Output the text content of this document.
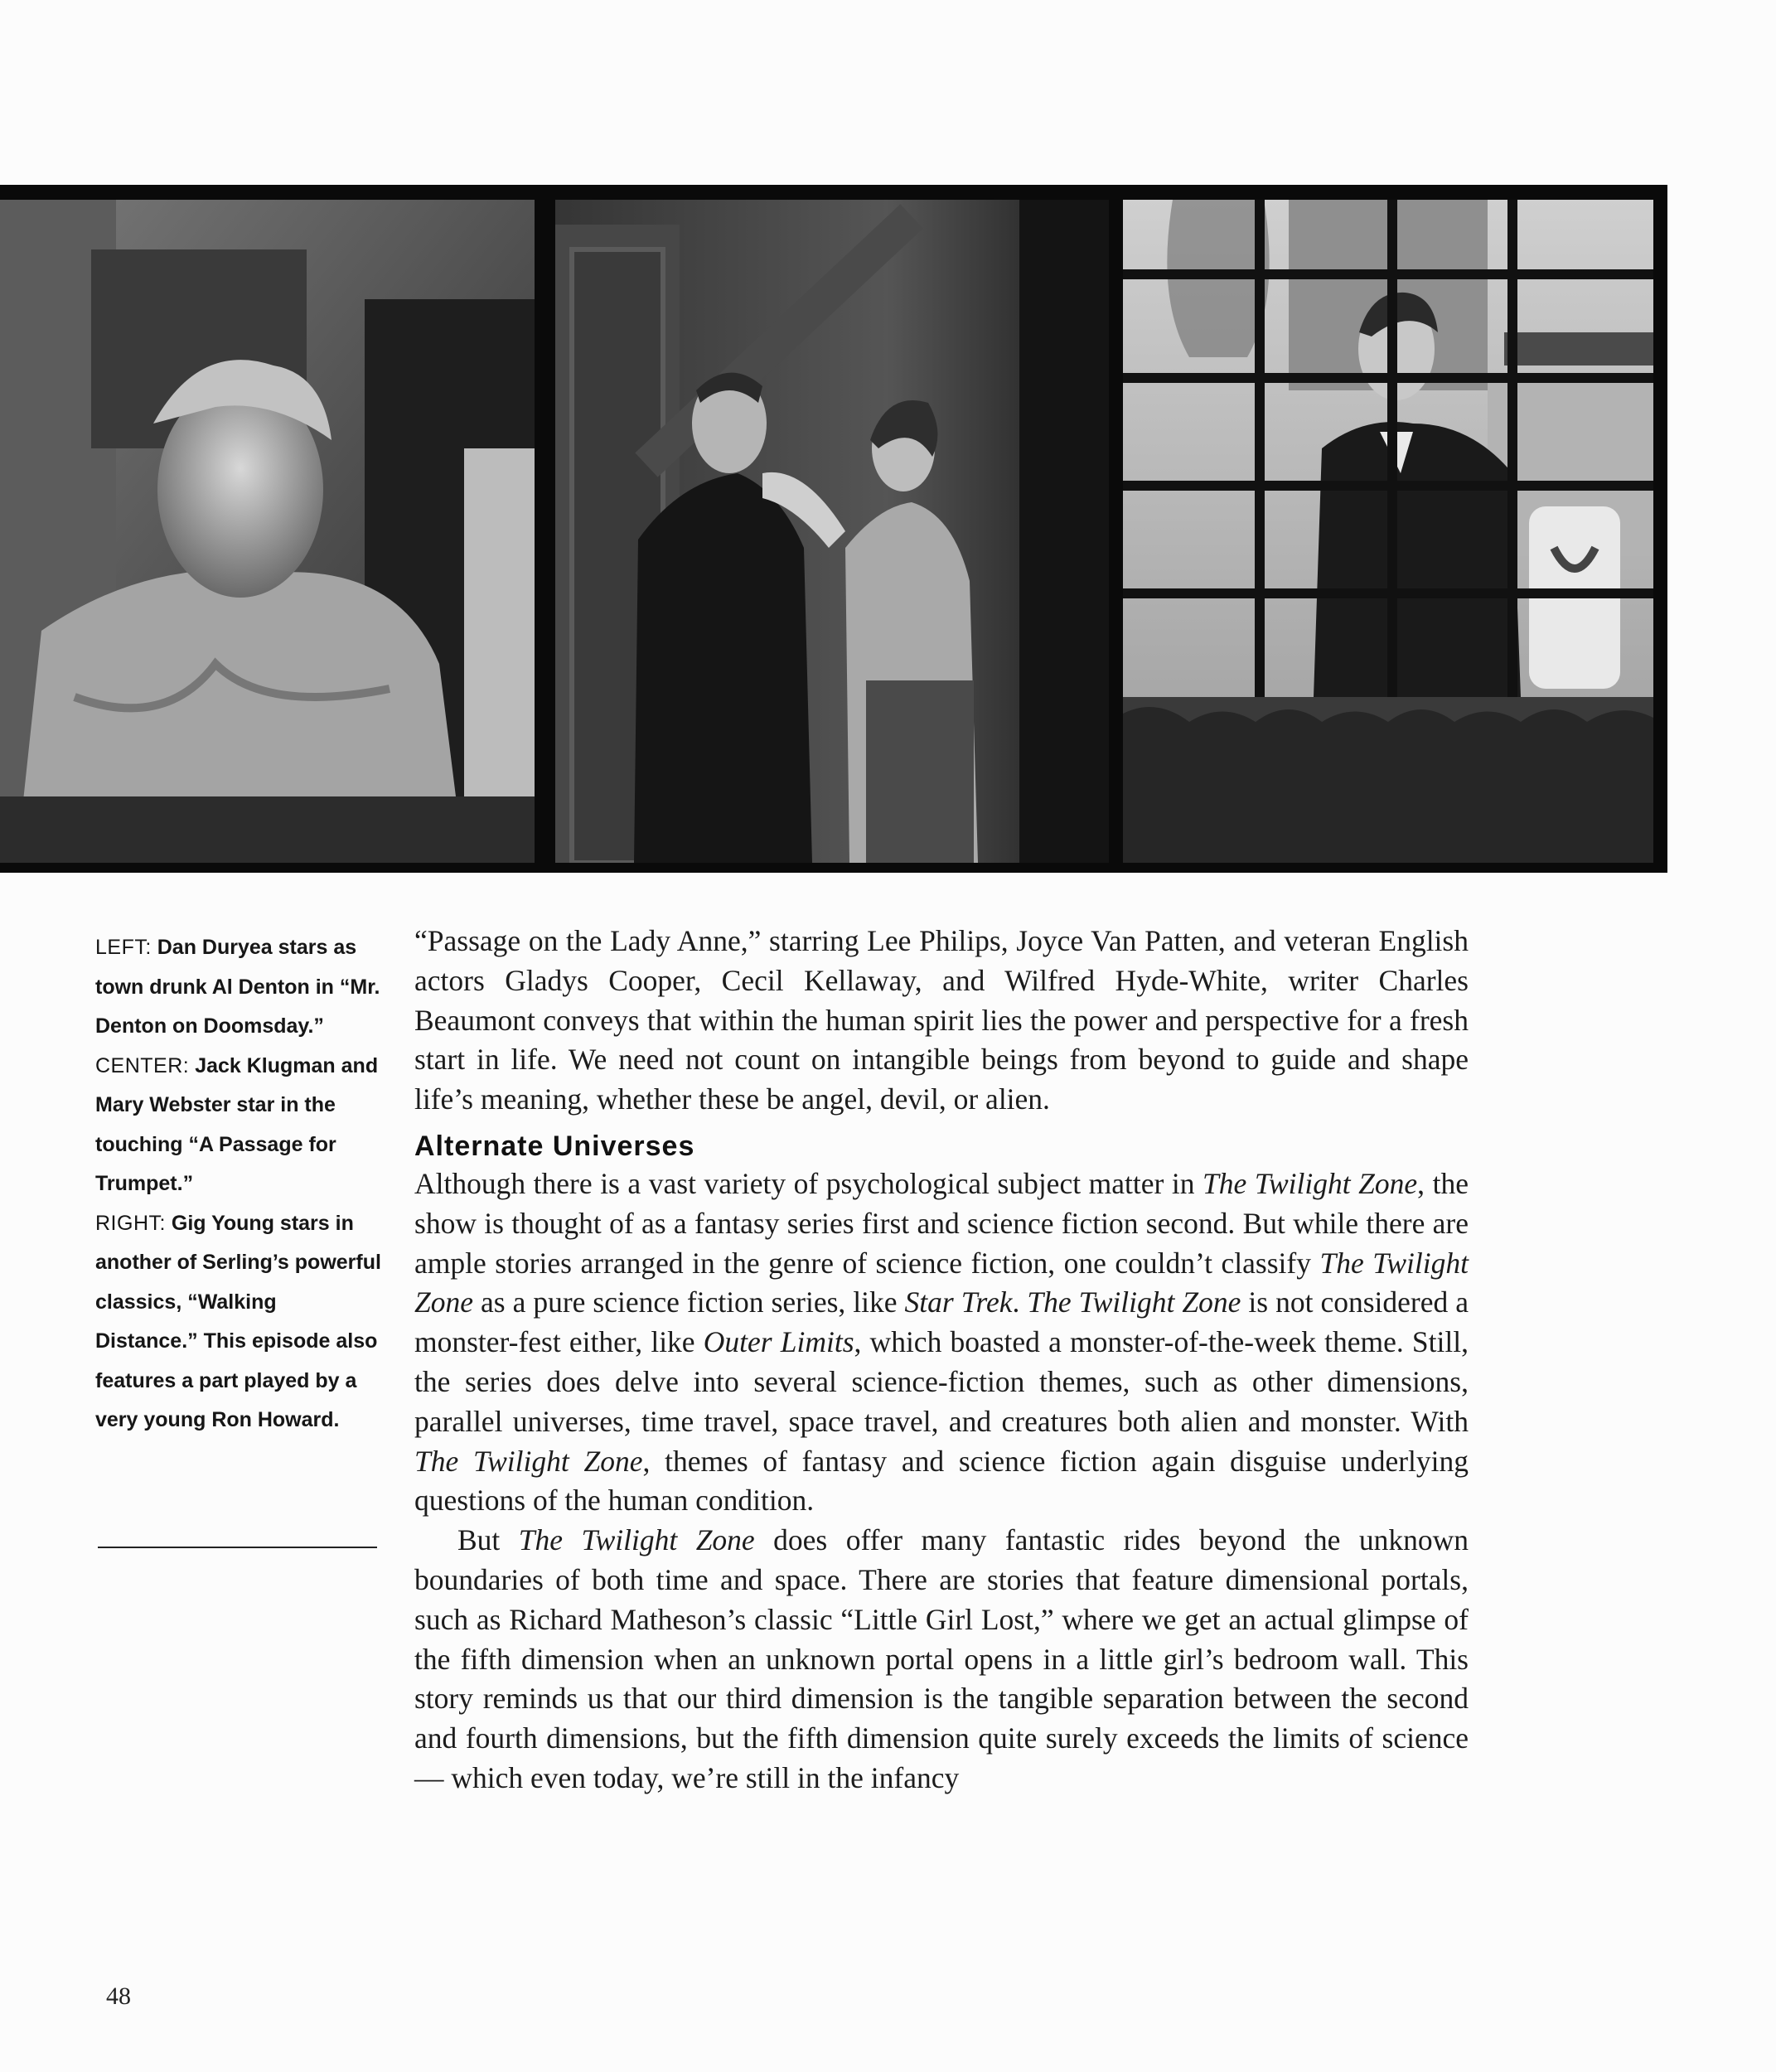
LEFT: Dan Duryea stars as town drunk Al Denton in “Mr. Denton on Doomsday.”

CENTER: Jack Klugman and Mary Webster star in the touching “A Passage for Trumpet.”

RIGHT: Gig Young stars in another of Serling’s powerful classics, “Walking Distance.” This episode also features a part played by a very young Ron Howard.

“Passage on the Lady Anne,” starring Lee Philips, Joyce Van Patten, and veteran English actors Gladys Cooper, Cecil Kellaway, and Wilfred Hyde-White, writer Charles Beaumont conveys that within the human spirit lies the power and perspective for a fresh start in life. We need not count on intangible beings from beyond to guide and shape life’s meaning, whether these be angel, devil, or alien.

Alternate Universes

Although there is a vast variety of psychological subject matter in The Twilight Zone, the show is thought of as a fantasy series first and science fiction second. But while there are ample stories arranged in the genre of science fiction, one couldn’t classify The Twilight Zone as a pure science fiction series, like Star Trek. The Twilight Zone is not considered a monster-fest either, like Outer Limits, which boasted a monster-of-the-week theme. Still, the series does delve into several science-fiction themes, such as other dimensions, parallel universes, time travel, space travel, and creatures both alien and monster. With The Twilight Zone, themes of fantasy and science fiction again disguise underlying questions of the human condition.

But The Twilight Zone does offer many fantastic rides beyond the unknown boundaries of both time and space. There are stories that feature dimensional portals, such as Richard Matheson’s classic “Little Girl Lost,” where we get an actual glimpse of the fifth dimension when an unknown portal opens in a little girl’s bedroom wall. This story reminds us that our third dimension is the tangible separation between the second and fourth dimensions, but the fifth dimension quite surely exceeds the limits of science — which even today, we’re still in the infancy

48
